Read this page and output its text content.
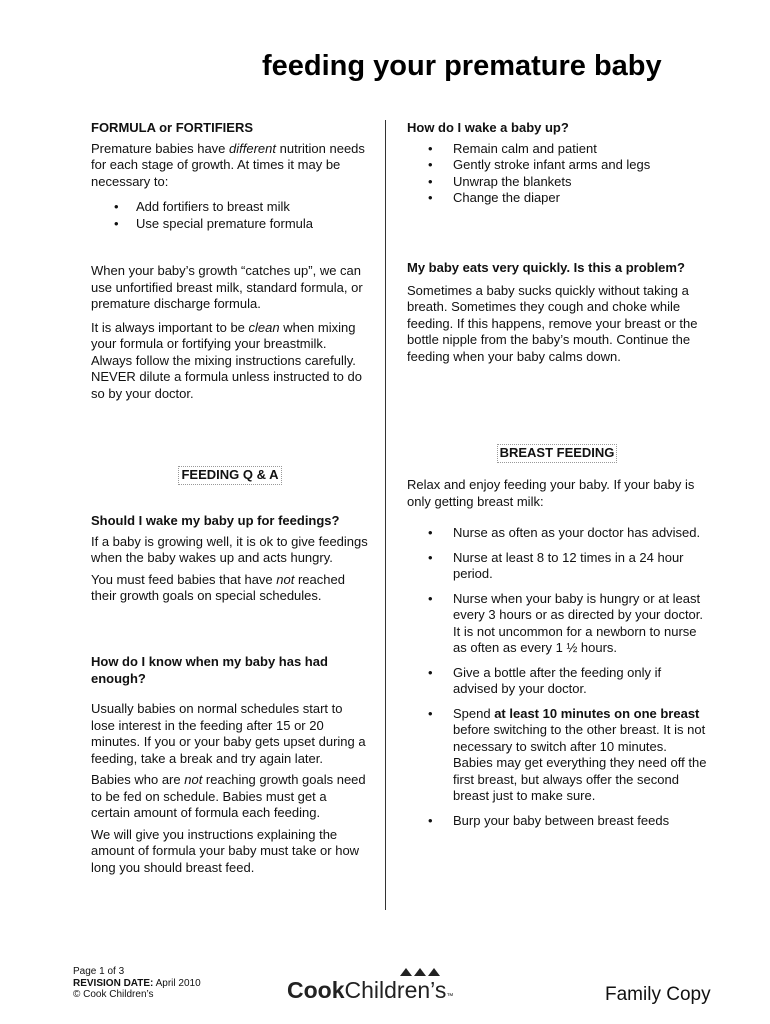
feeding your premature baby
FORMULA or FORTIFIERS

Premature babies have different nutrition needs for each stage of growth. At times it may be necessary to:

• Add fortifiers to breast milk
• Use special premature formula

When your baby’s growth “catches up”, we can use unfortified breast milk, standard formula, or premature discharge formula.

It is always important to be clean when mixing your formula or fortifying your breastmilk. Always follow the mixing instructions carefully. NEVER dilute a formula unless instructed to do so by your doctor.

FEEDING Q & A
Should I wake my baby up for feedings?

If a baby is growing well, it is ok to give feedings when the baby wakes up and acts hungry.

You must feed babies that have not reached their growth goals on special schedules.

How do I know when my baby has had enough?

Usually babies on normal schedules start to lose interest in the feeding after 15 or 20 minutes. If you or your baby gets upset during a feeding, take a break and try again later.

Babies who are not reaching growth goals need to be fed on schedule. Babies must get a certain amount of formula each feeding.

We will give you instructions explaining the amount of formula your baby must take or how long you should breast feed.

How do I wake a baby up?
• Remain calm and patient
• Gently stroke infant arms and legs
• Unwrap the blankets
• Change the diaper
My baby eats very quickly. Is this a problem?

Sometimes a baby sucks quickly without taking a breath. Sometimes they cough and choke while feeding. If this happens, remove your breast or the bottle nipple from the baby’s mouth. Continue the feeding when your baby calms down.

BREAST FEEDING

Relax and enjoy feeding your baby. If your baby is only getting breast milk:

• Nurse as often as your doctor has advised.
• Nurse at least 8 to 12 times in a 24 hour period.
• Nurse when your baby is hungry or at least every 3 hours or as directed by your doctor. It is not uncommon for a newborn to nurse as often as every 1 ½ hours.
• Give a bottle after the feeding only if advised by your doctor.
• Spend at least 10 minutes on one breast before switching to the other breast. It is not necessary to switch after 10 minutes. Babies may get everything they need off the first breast, but always offer the second breast just to make sure.
• Burp your baby between breast feeds
Page 1 of 3
REVISION DATE: April 2010
© Cook Children’s	CookChildren’s™	Family Copy
